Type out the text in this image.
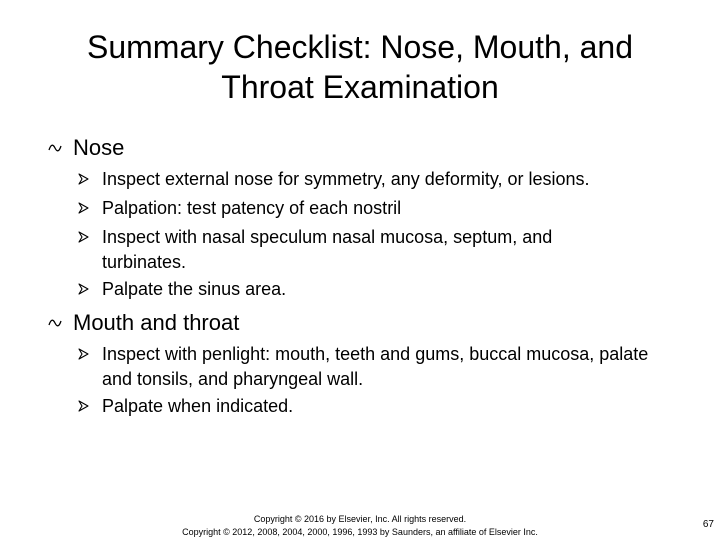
Summary Checklist: Nose, Mouth, and
Throat Examination
Nose
Inspect external nose for symmetry, any deformity, or lesions.
Palpation: test patency of each nostril
Inspect with nasal speculum nasal mucosa, septum, and turbinates.
Palpate the sinus area.
Mouth and throat
Inspect with penlight: mouth, teeth and gums, buccal mucosa, palate and tonsils, and pharyngeal wall.
Palpate when indicated.
Copyright © 2016 by Elsevier, Inc. All rights reserved.
Copyright © 2012, 2008, 2004, 2000, 1996, 1993 by Saunders, an affiliate of Elsevier Inc.
67
